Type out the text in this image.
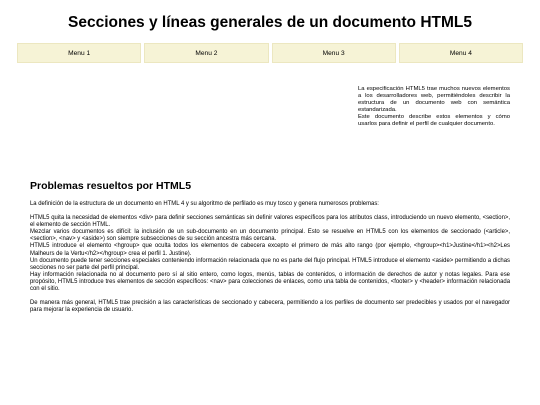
Secciones y líneas generales de un documento HTML5
Menu 1	Menu 2	Menu 3	Menu 4

La especificación HTML5 trae muchos nuevos elementos a los desarrolladores web, permitiéndoles describir la estructura de un documento web con semántica estandarizada.

Este documento describe estos elementos y cómo usarlos para definir el perfil de cualquier documento.

Problemas resueltos por HTML5

La definición de la estructura de un documento en HTML 4 y su algoritmo de perfilado es muy tosco y genera numerosos problemas:

HTML5 quita la necesidad de elementos <div> para definir secciones semánticas sin definir valores específicos para los atributos class, introduciendo un nuevo elemento, <section>, el elemento de sección HTML.

Mezclar varios documentos es difícil: la inclusión de un sub-documento en un documento principal. Esto se resuelve en HTML5 con los elementos de seccionado (<article>, <section>, <nav> y <aside>) son siempre subsecciones de su sección ancestra más cercana.

HTML5 introduce el elemento <hgroup> que oculta todos los elementos de cabecera excepto el primero de más alto rango (por ejemplo, <hgroup><h1>Justine</h1><h2>Les Malheurs de la Vertu</h2></hgroup> crea el perfil 1. Justine).

Un documento puede tener secciones especiales conteniendo información relacionada que no es parte del flujo principal. HTML5 introduce el elemento <aside> permitiendo a dichas secciones no ser parte del perfil principal.

Hay información relacionada no al documento pero sí al sitio entero, como logos, menús, tablas de contenidos, o información de derechos de autor y notas legales. Para ese propósito, HTML5 introduce tres elementos de sección específicos: <nav> para colecciones de enlaces, como una tabla de contenidos, <footer> y <header> información relacionada con el sitio.

De manera más general, HTML5 trae precisión a las características de seccionado y cabecera, permitiendo a los perfiles de documento ser predecibles y usados por el navegador para mejorar la experiencia de usuario.
